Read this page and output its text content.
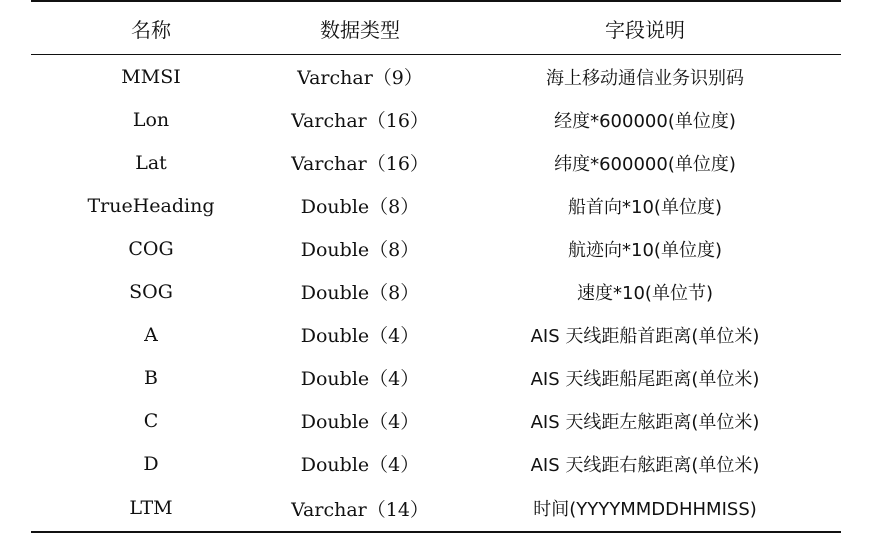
名称	数据类型	字段说明
MMSI	Varchar（9）	海上移动通信业务识别码
Lon	Varchar（16）	经度*600000(单位度)
Lat	Varchar（16）	纬度*600000(单位度)
TrueHeading	Double（8）	船首向*10(单位度)
COG	Double（8）	航迹向*10(单位度)
SOG	Double（8）	速度*10(单位节)
A	Double（4）	AIS 天线距船首距离(单位米)
B	Double（4）	AIS 天线距船尾距离(单位米)
C	Double（4）	AIS 天线距左舷距离(单位米)
D	Double（4）	AIS 天线距右舷距离(单位米)
LTM	Varchar（14）	时间(YYYYMMDDHHMISS)
